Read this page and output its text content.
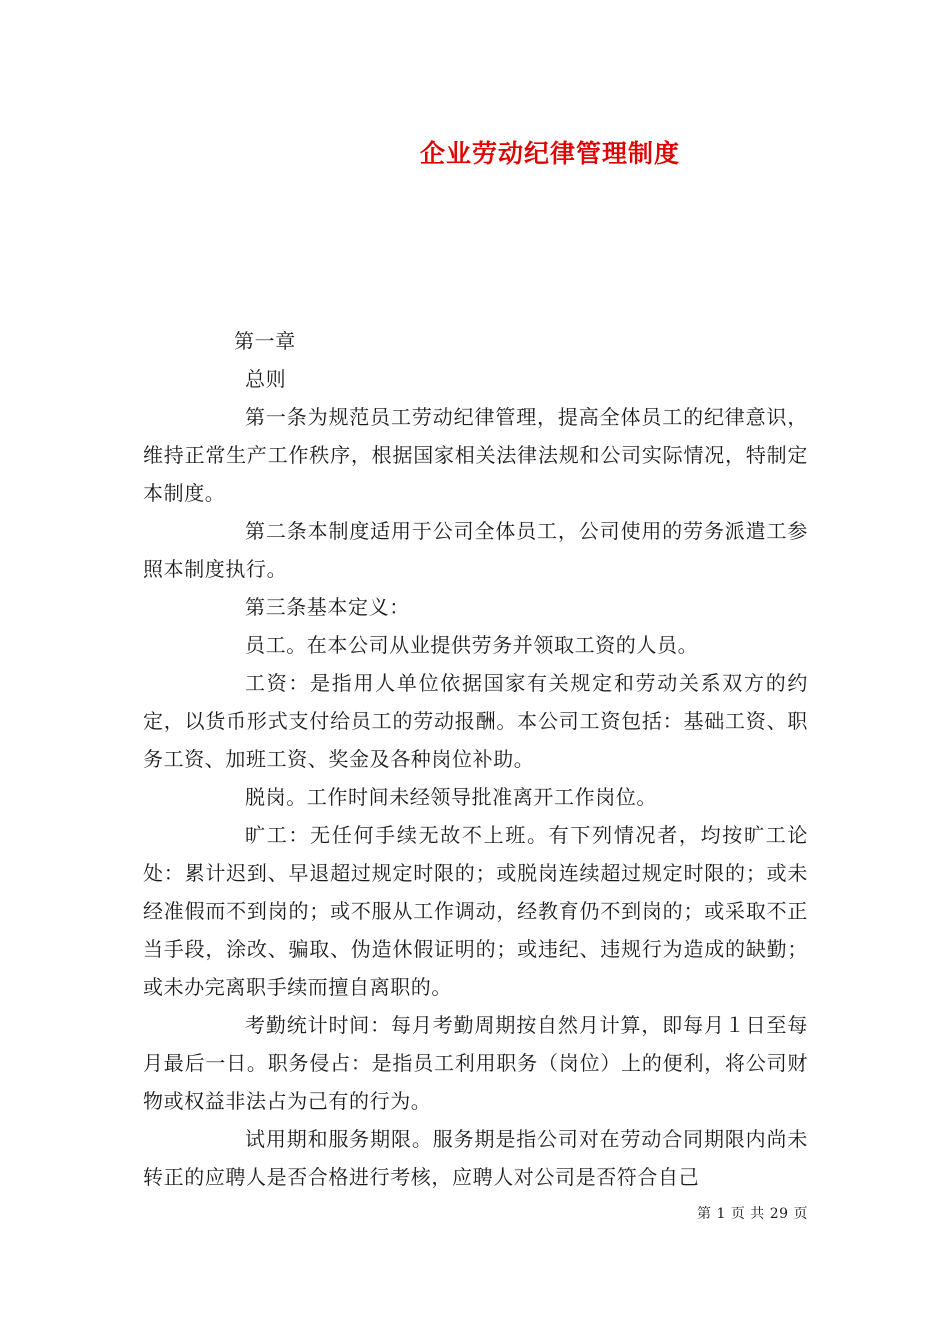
企业劳动纪律管理制度

第一章

总则

第一条为规范员工劳动纪律管理，提高全体员工的纪律意识，维持正常生产工作秩序，根据国家相关法律法规和公司实际情况，特制定本制度。

第二条本制度适用于公司全体员工，公司使用的劳务派遣工参照本制度执行。

第三条基本定义：

员工。在本公司从业提供劳务并领取工资的人员。

工资：是指用人单位依据国家有关规定和劳动关系双方的约定，以货币形式支付给员工的劳动报酬。本公司工资包括：基础工资、职务工资、加班工资、奖金及各种岗位补助。

脱岗。工作时间未经领导批准离开工作岗位。

旷工：无任何手续无故不上班。有下列情况者，均按旷工论处：累计迟到、早退超过规定时限的；或脱岗连续超过规定时限的；或未经准假而不到岗的；或不服从工作调动，经教育仍不到岗的；或采取不正当手段，涂改、骗取、伪造休假证明的；或违纪、违规行为造成的缺勤；或未办完离职手续而擅自离职的。

考勤统计时间：每月考勤周期按自然月计算，即每月１日至每月最后一日。职务侵占：是指员工利用职务（岗位）上的便利，将公司财物或权益非法占为己有的行为。

试用期和服务期限。服务期是指公司对在劳动合同期限内尚未转正的应聘人是否合格进行考核，应聘人对公司是否符合自己

第 1 页 共 29 页
